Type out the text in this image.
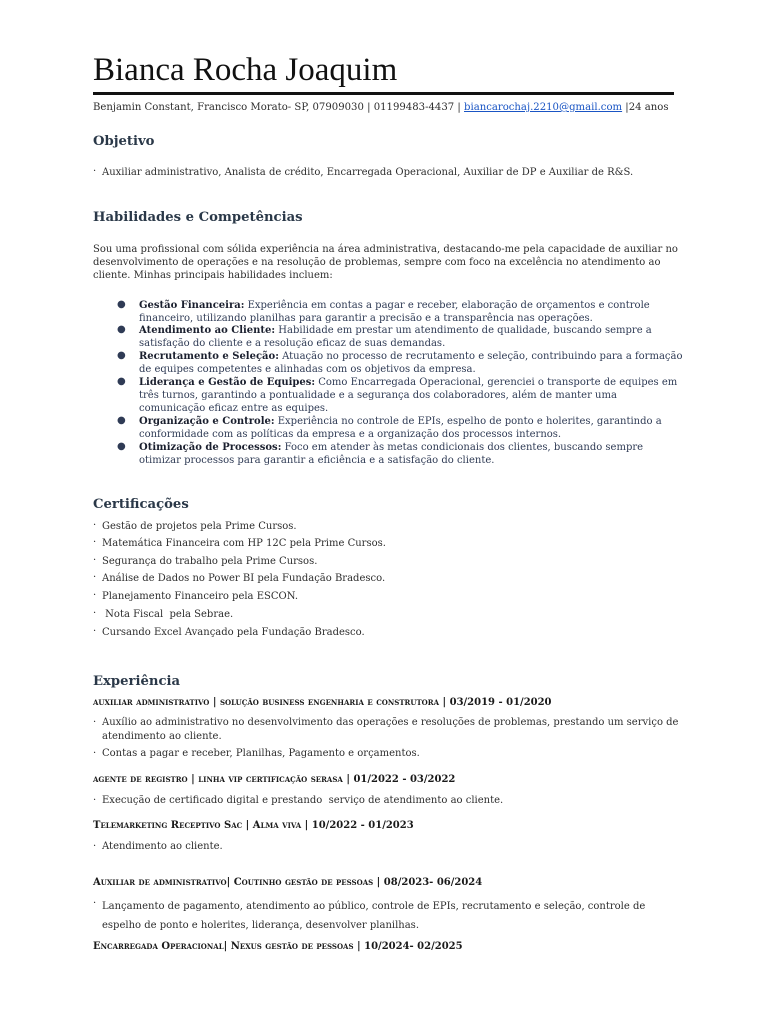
Bianca Rocha Joaquim
Benjamin Constant, Francisco Morato- SP, 07909030 | 01199483-4437 | biancarochaj.2210@gmail.com |24 anos
Objetivo
· Auxiliar administrativo, Analista de crédito, Encarregada Operacional, Auxiliar de DP e Auxiliar de R&S.
Habilidades e Competências
Sou uma profissional com sólida experiência na área administrativa, destacando-me pela capacidade de auxiliar no desenvolvimento de operações e na resolução de problemas, sempre com foco na excelência no atendimento ao cliente. Minhas principais habilidades incluem:
● Gestão Financeira: Experiência em contas a pagar e receber, elaboração de orçamentos e controle financeiro, utilizando planilhas para garantir a precisão e a transparência nas operações.
● Atendimento ao Cliente: Habilidade em prestar um atendimento de qualidade, buscando sempre a satisfação do cliente e a resolução eficaz de suas demandas.
● Recrutamento e Seleção: Atuação no processo de recrutamento e seleção, contribuindo para a formação de equipes competentes e alinhadas com os objetivos da empresa.
● Liderança e Gestão de Equipes: Como Encarregada Operacional, gerenciei o transporte de equipes em três turnos, garantindo a pontualidade e a segurança dos colaboradores, além de manter uma comunicação eficaz entre as equipes.
● Organização e Controle: Experiência no controle de EPIs, espelho de ponto e holerites, garantindo a conformidade com as políticas da empresa e a organização dos processos internos.
● Otimização de Processos: Foco em atender às metas condicionais dos clientes, buscando sempre otimizar processos para garantir a eficiência e a satisfação do cliente.
Certificações
· Gestão de projetos pela Prime Cursos.
· Matemática Financeira com HP 12C pela Prime Cursos.
· Segurança do trabalho pela Prime Cursos.
· Análise de Dados no Power BI pela Fundação Bradesco.
· Planejamento Financeiro pela ESCON.
· Nota Fiscal  pela Sebrae.
· Cursando Excel Avançado pela Fundação Bradesco.
Experiência
auxiliar administrativo | solução business engenharia e construtora | 03/2019 - 01/2020
· Auxílio ao administrativo no desenvolvimento das operações e resoluções de problemas, prestando um serviço de atendimento ao cliente.
· Contas a pagar e receber, Planilhas, Pagamento e orçamentos.
agente de registro | linha vip certificação serasa | 01/2022 - 03/2022
· Execução de certificado digital e prestando  serviço de atendimento ao cliente.
Telemarketing Receptivo Sac | Alma viva | 10/2022 - 01/2023
· Atendimento ao cliente.
Auxiliar de administrativo| Coutinho gestão de pessoas | 08/2023- 06/2024
· Lançamento de pagamento, atendimento ao público, controle de EPIs, recrutamento e seleção, controle de espelho de ponto e holerites, liderança, desenvolver planilhas.
Encarregada Operacional| Nexus gestão de pessoas | 10/2024- 02/2025
